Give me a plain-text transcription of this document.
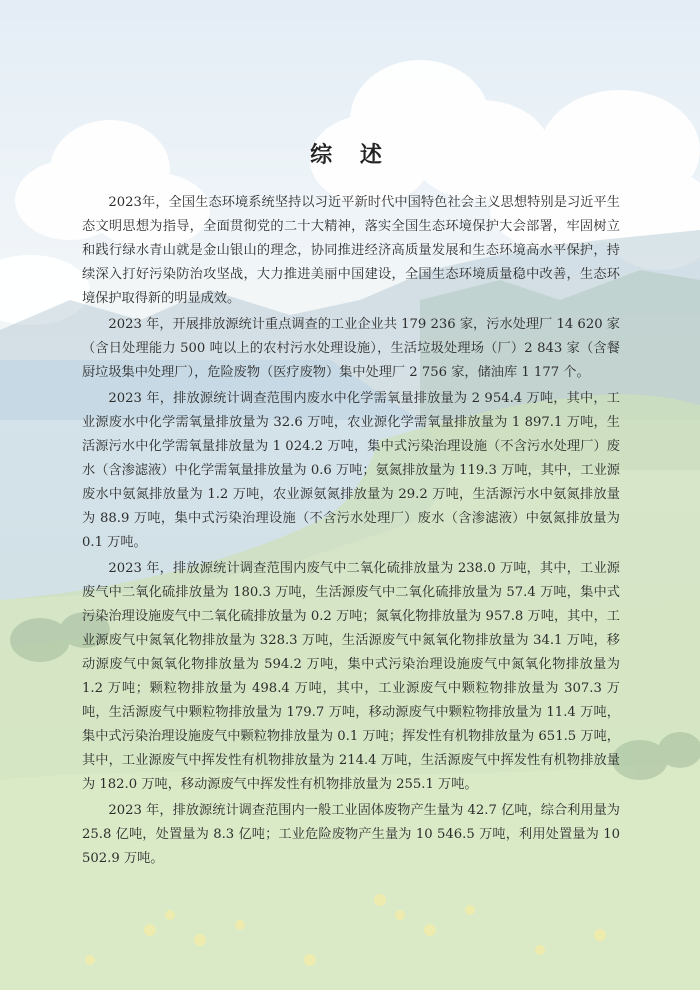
综 述

2023年，全国生态环境系统坚持以习近平新时代中国特色社会主义思想特别是习近平生态文明思想为指导，全面贯彻党的二十大精神，落实全国生态环境保护大会部署，牢固树立和践行绿水青山就是金山银山的理念，协同推进经济高质量发展和生态环境高水平保护，持续深入打好污染防治攻坚战，大力推进美丽中国建设，全国生态环境质量稳中改善，生态环境保护取得新的明显成效。

2023 年，开展排放源统计重点调查的工业企业共 179 236 家，污水处理厂 14 620 家（含日处理能力 500 吨以上的农村污水处理设施），生活垃圾处理场（厂）2 843 家（含餐厨垃圾集中处理厂），危险废物（医疗废物）集中处理厂 2 756 家，储油库 1 177 个。

2023 年，排放源统计调查范围内废水中化学需氧量排放量为 2 954.4 万吨，其中，工业源废水中化学需氧量排放量为 32.6 万吨，农业源化学需氧量排放量为 1 897.1 万吨，生活源污水中化学需氧量排放量为 1 024.2 万吨，集中式污染治理设施（不含污水处理厂）废水（含渗滤液）中化学需氧量排放量为 0.6 万吨；氨氮排放量为 119.3 万吨，其中，工业源废水中氨氮排放量为 1.2 万吨，农业源氨氮排放量为 29.2 万吨，生活源污水中氨氮排放量为 88.9 万吨，集中式污染治理设施（不含污水处理厂）废水（含渗滤液）中氨氮排放量为 0.1 万吨。

2023 年，排放源统计调查范围内废气中二氧化硫排放量为 238.0 万吨，其中，工业源废气中二氧化硫排放量为 180.3 万吨，生活源废气中二氧化硫排放量为 57.4 万吨，集中式污染治理设施废气中二氧化硫排放量为 0.2 万吨；氮氧化物排放量为 957.8 万吨，其中，工业源废气中氮氧化物排放量为 328.3 万吨，生活源废气中氮氧化物排放量为 34.1 万吨，移动源废气中氮氧化物排放量为 594.2 万吨，集中式污染治理设施废气中氮氧化物排放量为 1.2 万吨；颗粒物排放量为 498.4 万吨，其中，工业源废气中颗粒物排放量为 307.3 万吨，生活源废气中颗粒物排放量为 179.7 万吨，移动源废气中颗粒物排放量为 11.4 万吨，集中式污染治理设施废气中颗粒物排放量为 0.1 万吨；挥发性有机物排放量为 651.5 万吨，其中，工业源废气中挥发性有机物排放量为 214.4 万吨，生活源废气中挥发性有机物排放量为 182.0 万吨，移动源废气中挥发性有机物排放量为 255.1 万吨。

2023 年，排放源统计调查范围内一般工业固体废物产生量为 42.7 亿吨，综合利用量为 25.8 亿吨，处置量为 8.3 亿吨；工业危险废物产生量为 10 546.5 万吨，利用处置量为 10 502.9 万吨。
